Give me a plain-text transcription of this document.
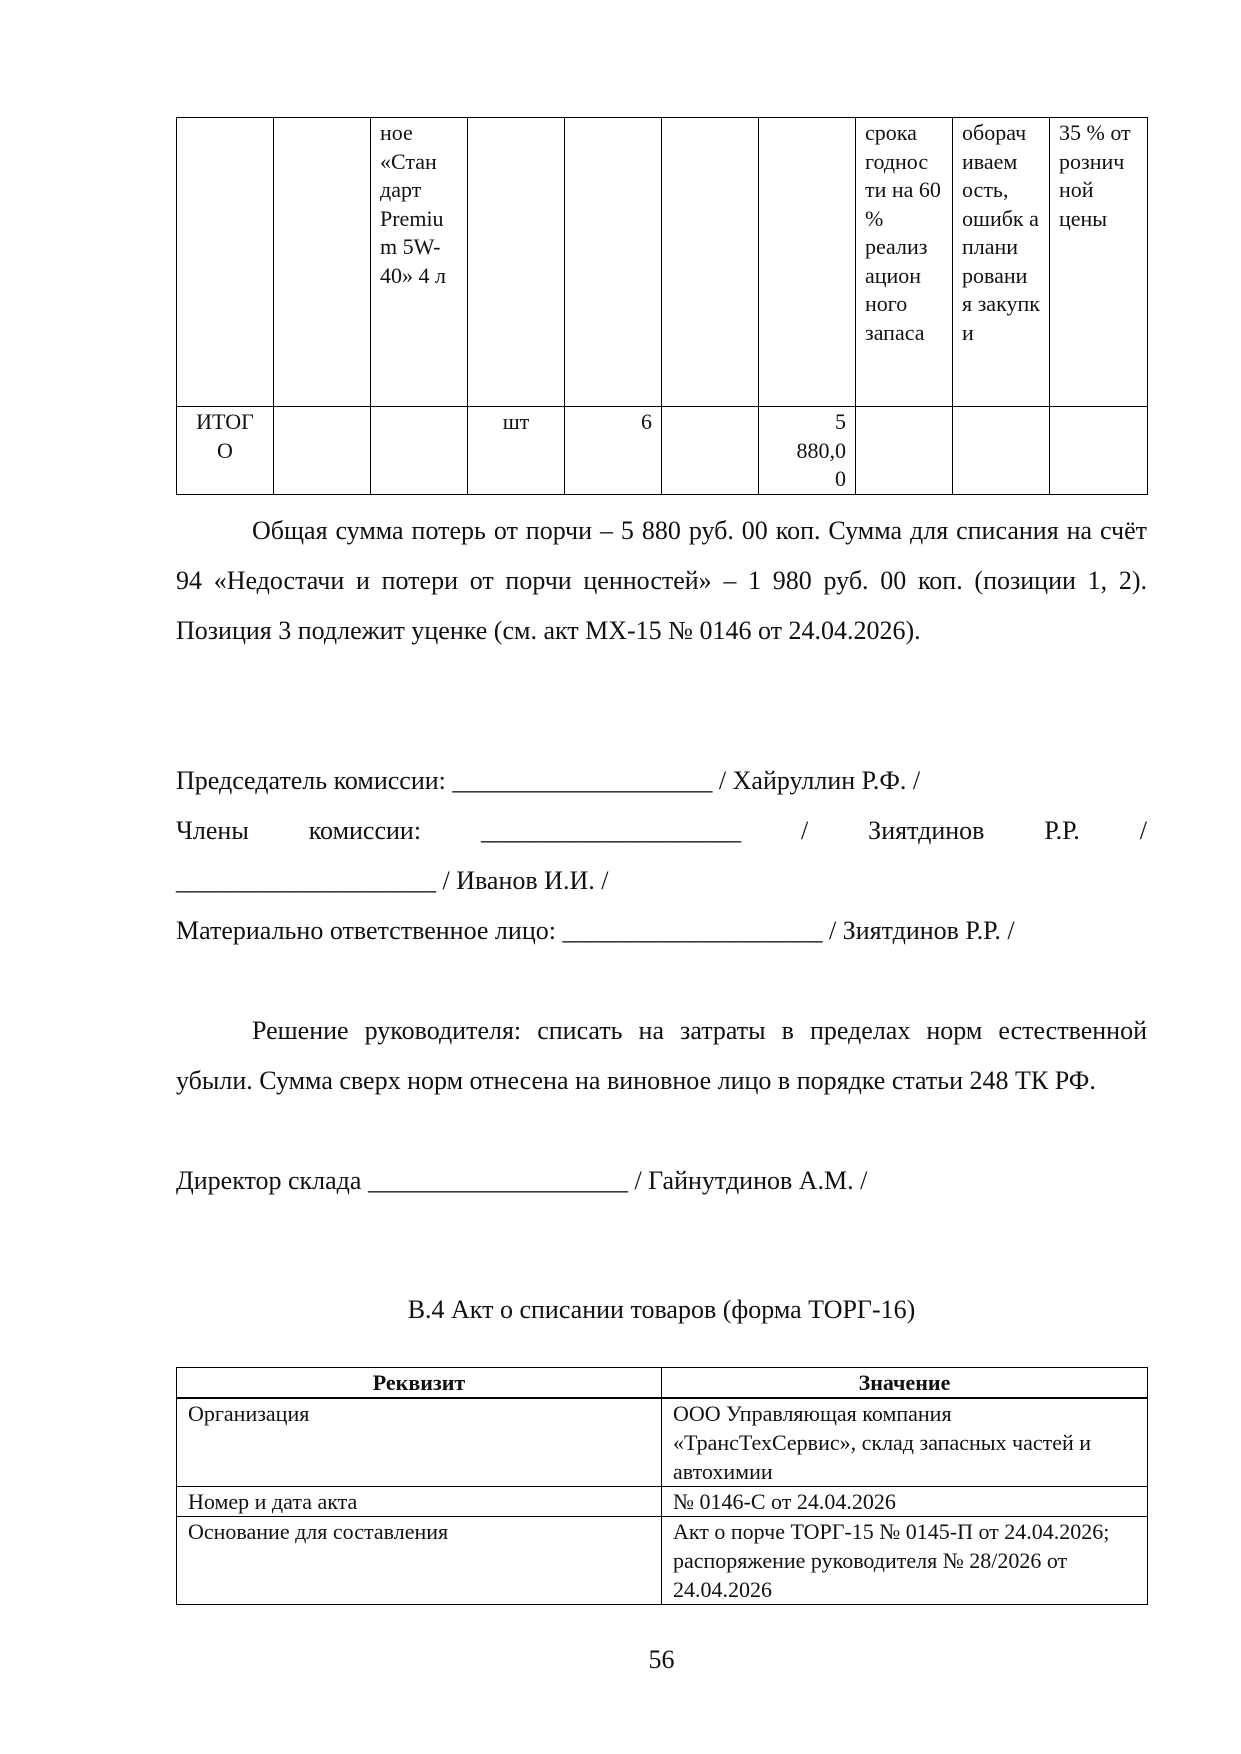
		ное «Стан дарт Premiu m 5W-40» 4 л					срока годнос ти на 60 % реализ ацион ного запаса	оборач иваем ость, ошибк а плани ровани я закупк и	35 % от рознич ной цены
ИТОГ О			шт	6		5 880,00			

Общая сумма потерь от порчи – 5 880 руб. 00 коп. Сумма для списания на счёт 94 «Недостачи и потери от порчи ценностей» – 1 980 руб. 00 коп. (позиции 1, 2). Позиция 3 подлежит уценке (см. акт МХ-15 № 0146 от 24.04.2026).

Председатель комиссии: ____________________ / Хайруллин Р.Ф. /

Члены комиссии: ____________________ / Зиятдинов Р.Р. /

____________________ / Иванов И.И. /

Материально ответственное лицо: ____________________ / Зиятдинов Р.Р. /

Решение руководителя: списать на затраты в пределах норм естественной убыли. Сумма сверх норм отнесена на виновное лицо в порядке статьи 248 ТК РФ.

Директор склада ____________________ / Гайнутдинов А.М. /

В.4 Акт о списании товаров (форма ТОРГ-16)

Реквизит	Значение
Организация	ООО Управляющая компания «ТрансТехСервис», склад запасных частей и автохимии
Номер и дата акта	№ 0146-С от 24.04.2026
Основание для составления	Акт о порче ТОРГ-15 № 0145-П от 24.04.2026; распоряжение руководителя № 28/2026 от 24.04.2026

56
